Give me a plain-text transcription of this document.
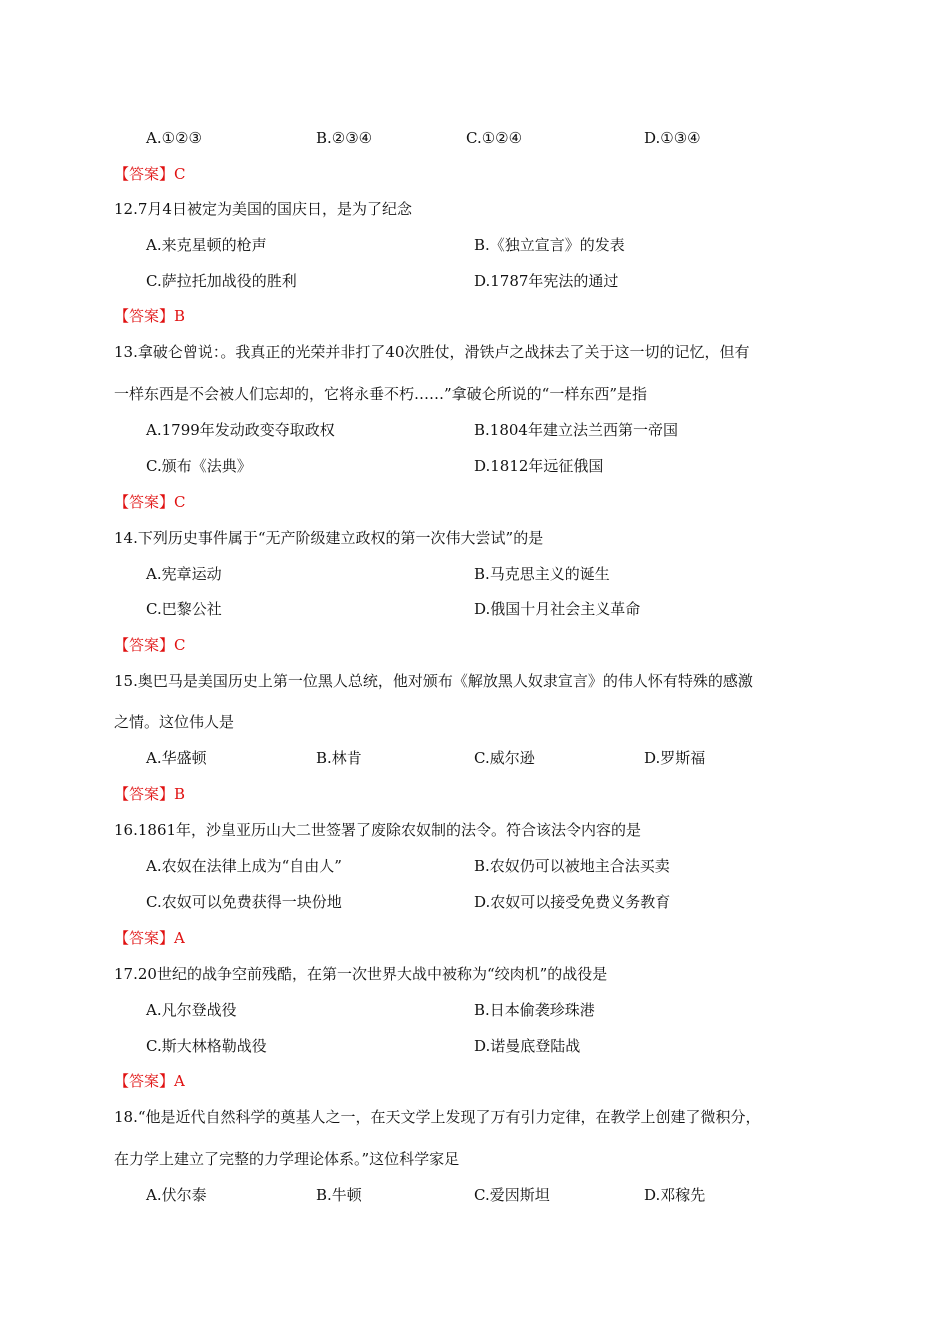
A.①②③	B.②③④	C.①②④	D.①③④
【答案】C
12.7月4日被定为美国的国庆日，是为了纪念
A.来克星顿的枪声	B.《独立宣言》的发表
C.萨拉托加战役的胜利	D.1787年宪法的通过
【答案】B
13.拿破仑曾说：。我真正的光荣并非打了40次胜仗，滑铁卢之战抹去了关于这一切的记忆，但有
一样东西是不会被人们忘却的，它将永垂不朽……”拿破仑所说的“一样东西”是指
A.1799年发动政变夺取政权	B.1804年建立法兰西第一帝国
C.颁布《法典》	D.1812年远征俄国
【答案】C
14.下列历史事件属于“无产阶级建立政权的第一次伟大尝试”的是
A.宪章运动	B.马克思主义的诞生
C.巴黎公社	D.俄国十月社会主义革命
【答案】C
15.奥巴马是美国历史上第一位黑人总统，他对颁布《解放黑人奴隶宣言》的伟人怀有特殊的感激
之情。这位伟人是
A.华盛顿	B.林肯	C.威尔逊	D.罗斯福
【答案】B
16.1861年，沙皇亚历山大二世签署了废除农奴制的法令。符合该法令内容的是
A.农奴在法律上成为“自由人”	B.农奴仍可以被地主合法买卖
C.农奴可以免费获得一块份地	D.农奴可以接受免费义务教育
【答案】A
17.20世纪的战争空前残酷，在第一次世界大战中被称为“绞肉机”的战役是
A.凡尔登战役	B.日本偷袭珍珠港
C.斯大林格勒战役	D.诺曼底登陆战
【答案】A
18.“他是近代自然科学的奠基人之一，在天文学上发现了万有引力定律，在教学上创建了微积分，
在力学上建立了完整的力学理论体系。”这位科学家足
A.伏尔泰	B.牛顿	C.爱因斯坦	D.邓稼先
